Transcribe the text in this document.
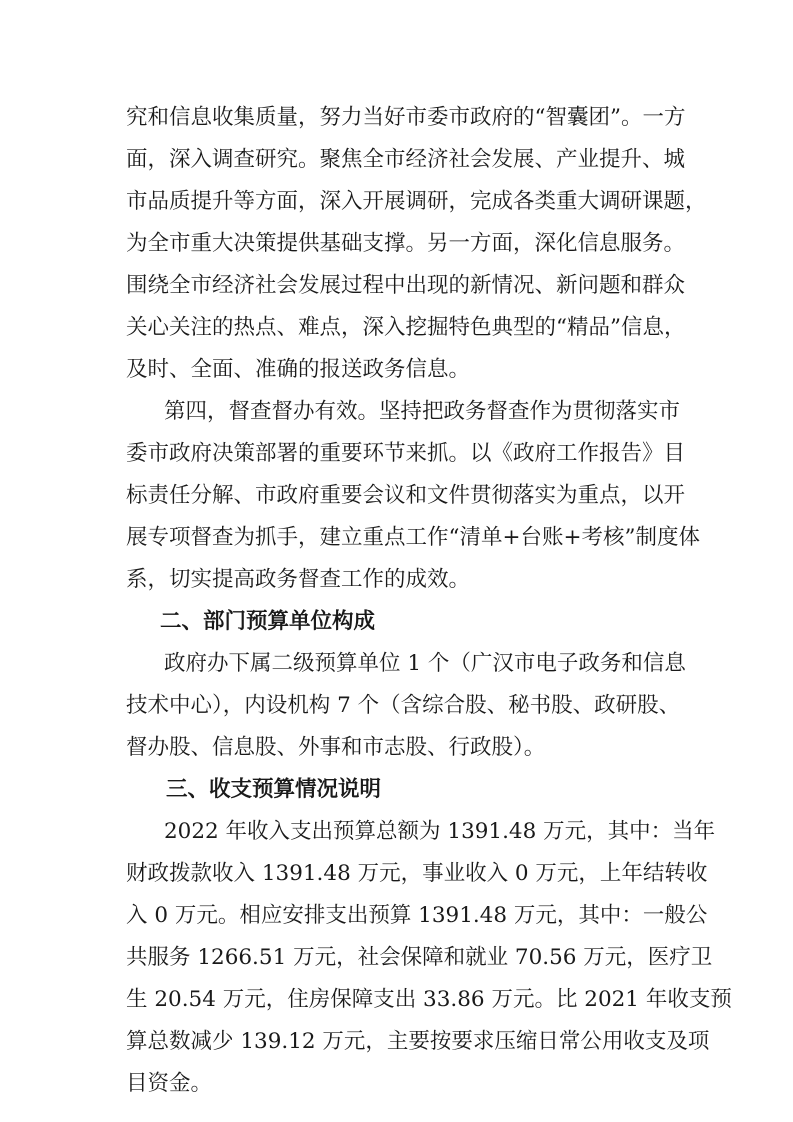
究和信息收集质量，努力当好市委市政府的“智囊团”。一方
面，深入调查研究。聚焦全市经济社会发展、产业提升、城
市品质提升等方面，深入开展调研，完成各类重大调研课题，
为全市重大决策提供基础支撑。另一方面，深化信息服务。
围绕全市经济社会发展过程中出现的新情况、新问题和群众
关心关注的热点、难点，深入挖掘特色典型的“精品”信息，
及时、全面、准确的报送政务信息。
第四，督查督办有效。坚持把政务督查作为贯彻落实市
委市政府决策部署的重要环节来抓。以《政府工作报告》目
标责任分解、市政府重要会议和文件贯彻落实为重点，以开
展专项督查为抓手，建立重点工作“清单+台账+考核”制度体
系，切实提高政务督查工作的成效。
二、部门预算单位构成
政府办下属二级预算单位 1 个（广汉市电子政务和信息
技术中心），内设机构 7 个（含综合股、秘书股、政研股、
督办股、信息股、外事和市志股、行政股）。
三、收支预算情况说明
2022 年收入支出预算总额为 1391.48 万元，其中：当年
财政拨款收入 1391.48 万元，事业收入 0 万元，上年结转收
入 0 万元。相应安排支出预算 1391.48 万元，其中：一般公
共服务 1266.51 万元，社会保障和就业 70.56 万元，医疗卫
生 20.54 万元，住房保障支出 33.86 万元。比 2021 年收支预
算总数减少 139.12 万元，主要按要求压缩日常公用收支及项
目资金。
